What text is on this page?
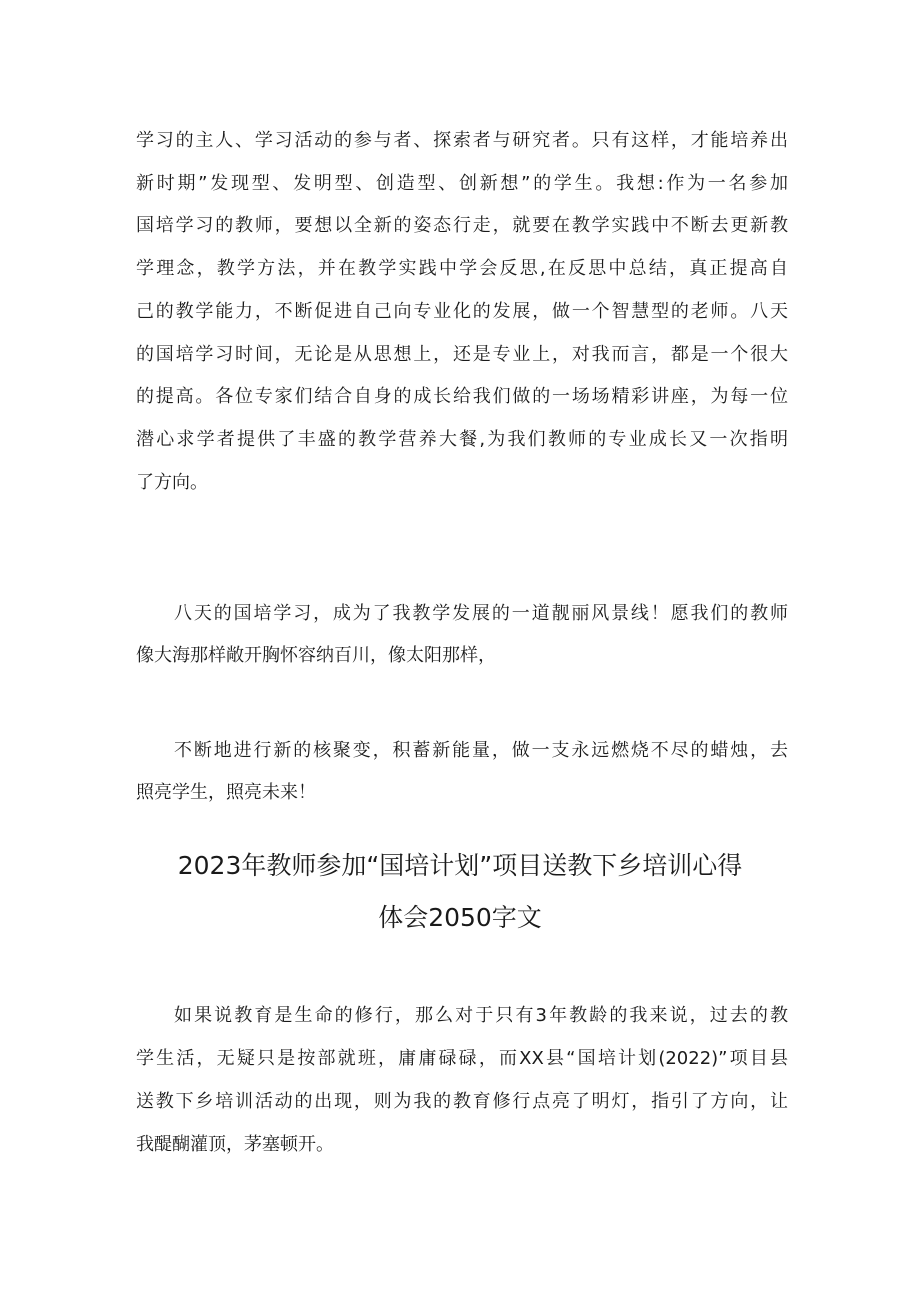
学习的主人、学习活动的参与者、探索者与研究者。只有这样，才能培养出
新时期”发现型、发明型、创造型、创新想”的学生。我想:作为一名参加
国培学习的教师，要想以全新的姿态行走，就要在教学实践中不断去更新教
学理念，教学方法，并在教学实践中学会反思,在反思中总结，真正提高自
己的教学能力，不断促进自己向专业化的发展，做一个智慧型的老师。八天
的国培学习时间，无论是从思想上，还是专业上，对我而言，都是一个很大
的提高。各位专家们结合自身的成长给我们做的一场场精彩讲座，为每一位
潜心求学者提供了丰盛的教学营养大餐,为我们教师的专业成长又一次指明
了方向。
八天的国培学习，成为了我教学发展的一道靓丽风景线！愿我们的教师
像大海那样敞开胸怀容纳百川，像太阳那样，
不断地进行新的核聚变，积蓄新能量，做一支永远燃烧不尽的蜡烛，去
照亮学生，照亮未来！
2023年教师参加“国培计划”项目送教下乡培训心得
体会2050字文
如果说教育是生命的修行，那么对于只有3年教龄的我来说，过去的教
学生活，无疑只是按部就班，庸庸碌碌，而XX县“国培计划(2022)”项目县
送教下乡培训活动的出现，则为我的教育修行点亮了明灯，指引了方向，让
我醍醐灌顶，茅塞顿开。
